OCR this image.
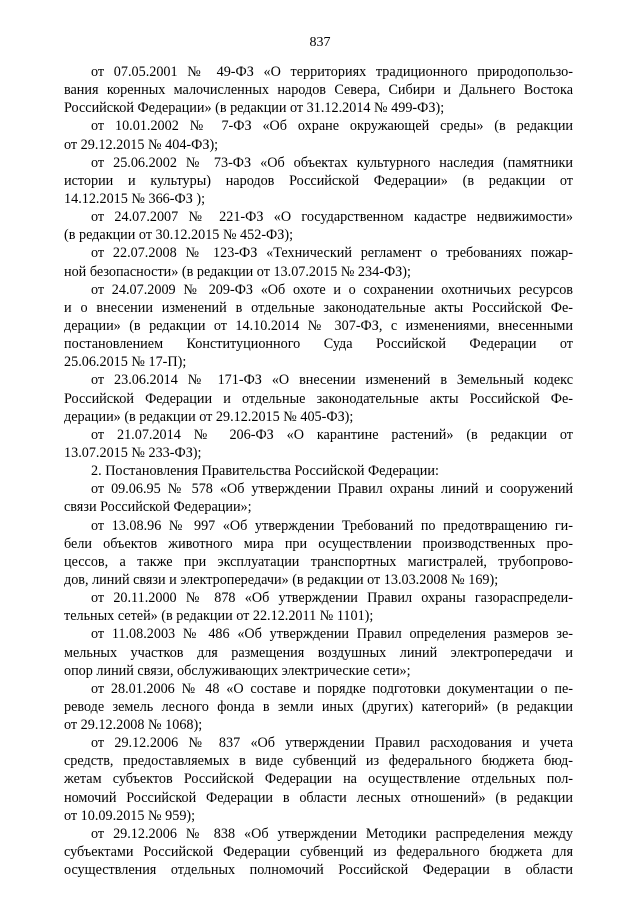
837
от 07.05.2001 № 49-ФЗ «О территориях традиционного природопользо-
вания коренных малочисленных народов Севера, Сибири и Дальнего Востока
Российской Федерации» (в редакции от 31.12.2014 № 499-ФЗ);
от 10.01.2002 № 7-ФЗ «Об охране окружающей среды» (в редакции
от 29.12.2015 № 404-ФЗ);
от 25.06.2002 № 73-ФЗ «Об объектах культурного наследия (памятники
истории и культуры) народов Российской Федерации» (в редакции от
14.12.2015 № 366-ФЗ );
от 24.07.2007 № 221-ФЗ «О государственном кадастре недвижимости»
(в редакции от 30.12.2015 № 452-ФЗ);
от 22.07.2008 № 123-ФЗ «Технический регламент о требованиях пожар-
ной безопасности» (в редакции от 13.07.2015 № 234-ФЗ);
от 24.07.2009 № 209-ФЗ «Об охоте и о сохранении охотничьих ресурсов
и о внесении изменений в отдельные законодательные акты Российской Фе-
дерации» (в редакции от 14.10.2014 № 307-ФЗ, с изменениями, внесенными
постановлением Конституционного Суда Российской Федерации от
25.06.2015 № 17-П);
от 23.06.2014 № 171-ФЗ «О внесении изменений в Земельный кодекс
Российской Федерации и отдельные законодательные акты Российской Фе-
дерации» (в редакции от 29.12.2015 № 405-ФЗ);
от 21.07.2014 № 206-ФЗ «О карантине растений» (в редакции от
13.07.2015 № 233-ФЗ);
2. Постановления Правительства Российской Федерации:
от 09.06.95 № 578 «Об утверждении Правил охраны линий и сооружений
связи Российской Федерации»;
от 13.08.96 № 997 «Об утверждении Требований по предотвращению ги-
бели объектов животного мира при осуществлении производственных про-
цессов, а также при эксплуатации транспортных магистралей, трубопрово-
дов, линий связи и электропередачи» (в редакции от 13.03.2008 № 169);
от 20.11.2000 № 878 «Об утверждении Правил охраны газораспредели-
тельных сетей» (в редакции от 22.12.2011 № 1101);
от 11.08.2003 № 486 «Об утверждении Правил определения размеров зе-
мельных участков для размещения воздушных линий электропередачи и
опор линий связи, обслуживающих электрические сети»;
от 28.01.2006 № 48 «О составе и порядке подготовки документации о пе-
реводе земель лесного фонда в земли иных (других) категорий» (в редакции
от 29.12.2008 № 1068);
от 29.12.2006 № 837 «Об утверждении Правил расходования и учета
средств, предоставляемых в виде субвенций из федерального бюджета бюд-
жетам субъектов Российской Федерации на осуществление отдельных пол-
номочий Российской Федерации в области лесных отношений» (в редакции
от 10.09.2015 № 959);
от 29.12.2006 № 838 «Об утверждении Методики распределения между
субъектами Российской Федерации субвенций из федерального бюджета для
осуществления отдельных полномочий Российской Федерации в области
